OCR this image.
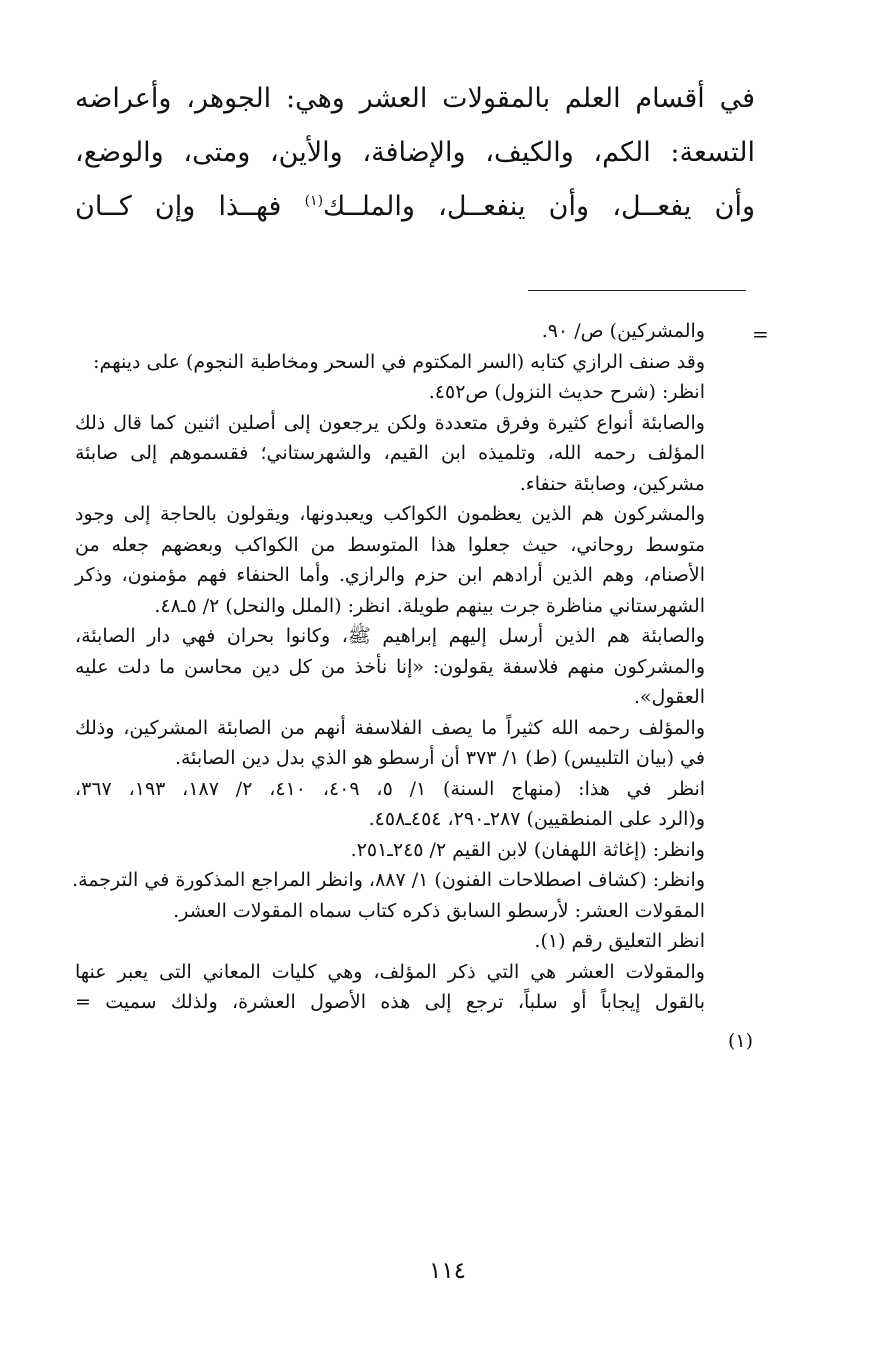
في أقسام العلم بالمقولات العشر وهي: الجوهر، وأعراضه
التسعة: الكم، والكيف، والإضافة، والأين، ومتى، والوضع،
وأن يفعــل، وأن ينفعــل، والملــك$^{(١)}$ فهــذا وإن كــان
=
والمشركين) ص/ ٩٠.
وقد صنف الرازي كتابه (السر المكتوم في السحر ومخاطبة النجوم) على دينهم:
انظر: (شرح حديث النزول) ص٤٥٢.
والصابئة أنواع كثيرة وفرق متعددة ولكن يرجعون إلى أصلين اثنين كما قال ذلك
المؤلف رحمه الله، وتلميذه ابن القيم، والشهرستاني؛ فقسموهم إلى صابئة
مشركين، وصابئة حنفاء.
والمشركون هم الذين يعظمون الكواكب ويعبدونها، ويقولون بالحاجة إلى وجود
متوسط روحاني، حيث جعلوا هذا المتوسط من الكواكب وبعضهم جعله من
الأصنام، وهم الذين أرادهم ابن حزم والرازي. وأما الحنفاء فهم مؤمنون، وذكر
الشهرستاني مناظرة جرت بينهم طويلة. انظر: (الملل والنحل) ٢/ ٥ـ٤٨.
والصابئة هم الذين أرسل إليهم إبراهيم ﷺ، وكانوا بحران فهي دار الصابئة،
والمشركون منهم فلاسفة يقولون: «إنا نأخذ من كل دين محاسن ما دلت عليه
العقول».
والمؤلف رحمه الله كثيراً ما يصف الفلاسفة أنهم من الصابئة المشركين، وذلك
في (بيان التلبيس) (ط) ١/ ٣٧٣ أن أرسطو هو الذي بدل دين الصابئة.
انظر في هذا: (منهاج السنة) ١/ ٥، ٤٠٩، ٤١٠، ٢/ ١٨٧، ١٩٣، ٣٦٧،
و(الرد على المنطقيين) ٢٨٧ـ٢٩٠، ٤٥٤ـ٤٥٨.
وانظر: (إغاثة اللهفان) لابن القيم ٢/ ٢٤٥ـ٢٥١.
وانظر: (كشاف اصطلاحات الفنون) ١/ ٨٨٧، وانظر المراجع المذكورة في الترجمة.
المقولات العشر: لأرسطو السابق ذكره كتاب سماه المقولات العشر.
انظر التعليق رقم (١).
والمقولات العشر هي التي ذكر المؤلف، وهي كليات المعاني التى يعبر عنها
بالقول إيجاباً أو سلباً، ترجع إلى هذه الأصول العشرة، ولذلك سميت =
(١)
١١٤
